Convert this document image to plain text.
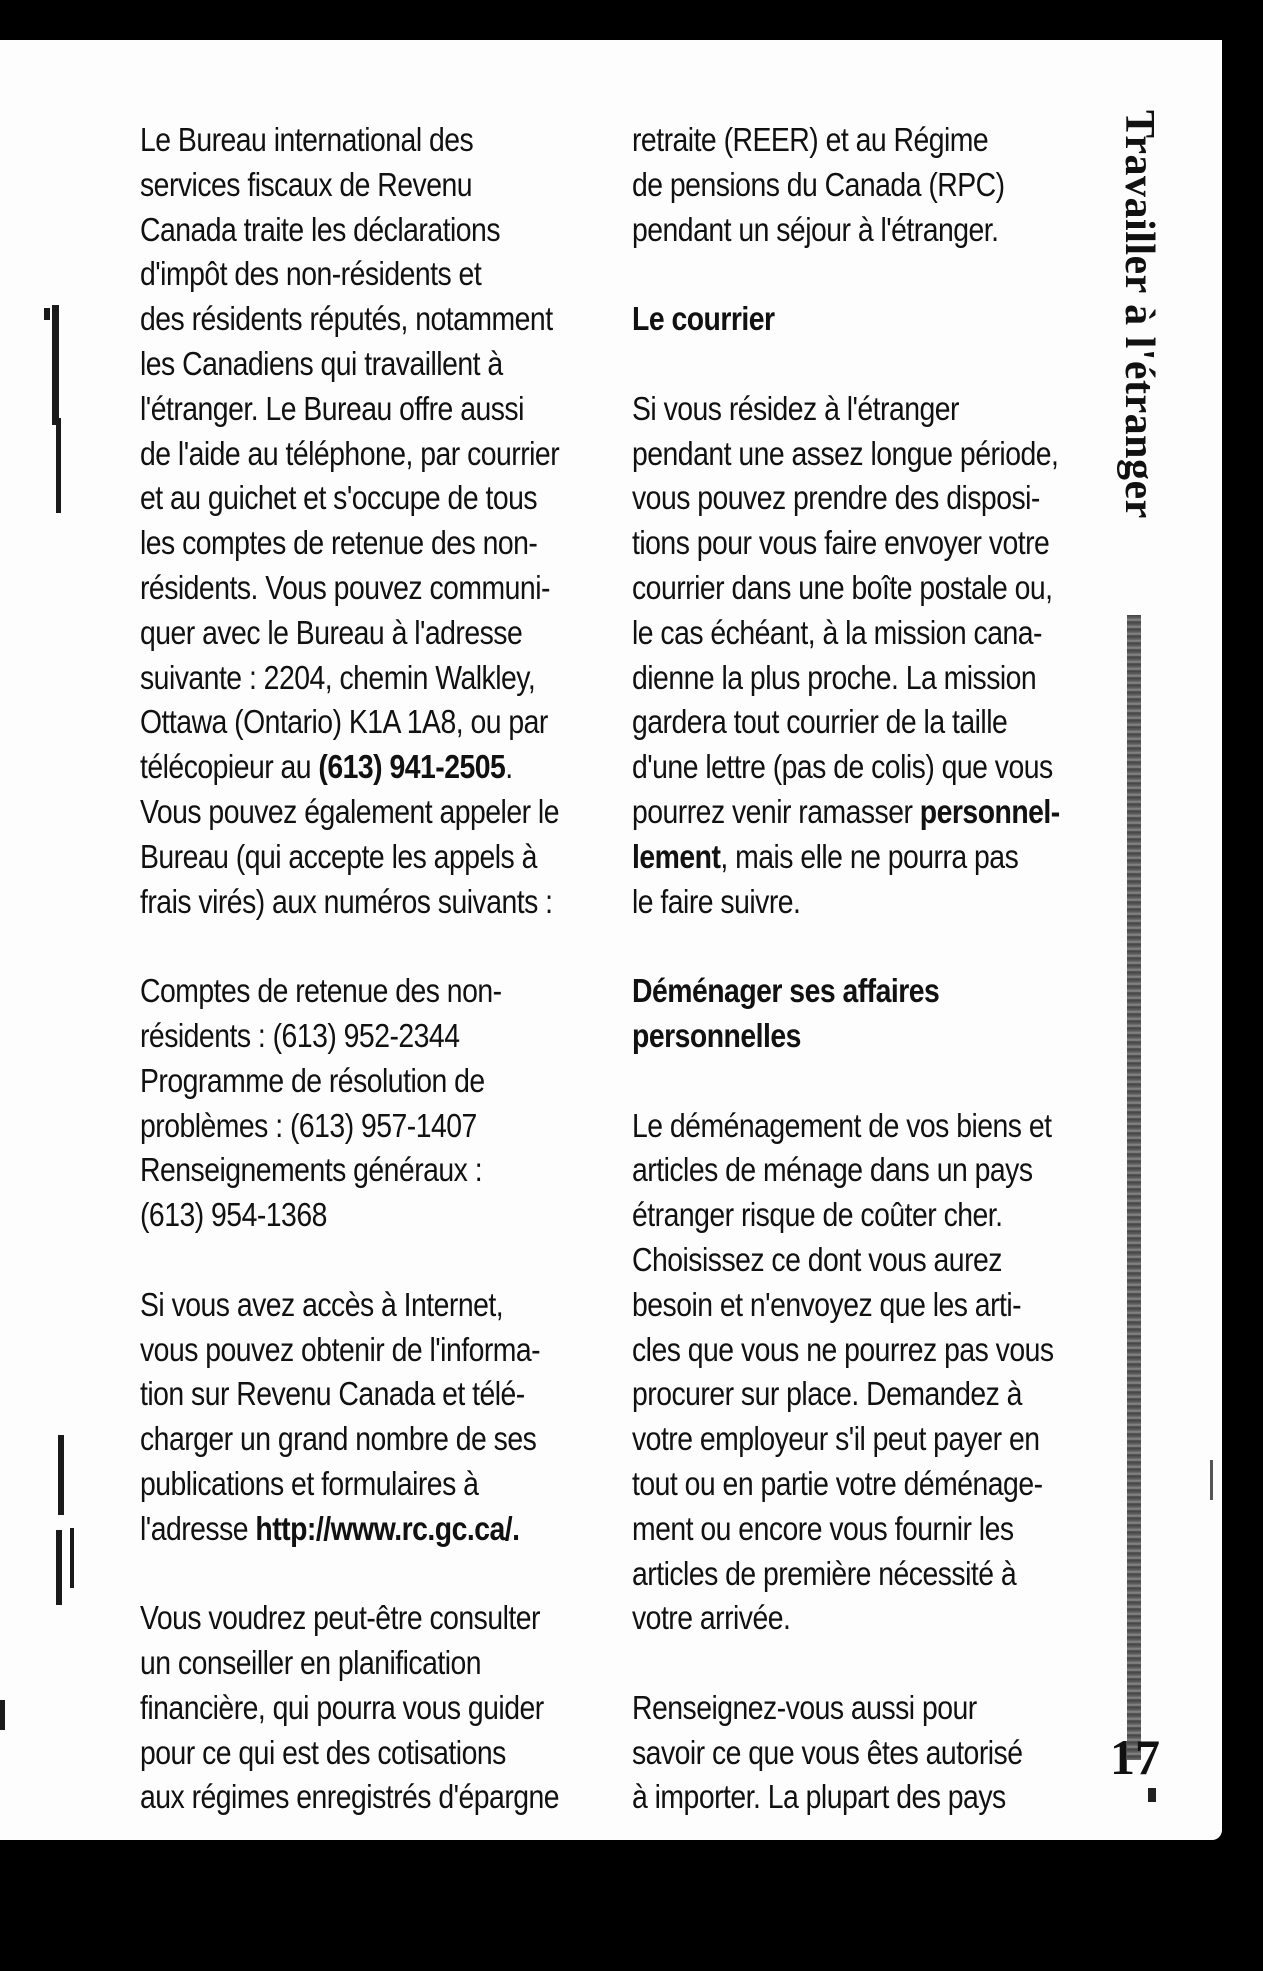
Le Bureau international des
services fiscaux de Revenu
Canada traite les déclarations
d'impôt des non-résidents et
des résidents réputés, notamment
les Canadiens qui travaillent à
l'étranger. Le Bureau offre aussi
de l'aide au téléphone, par courrier
et au guichet et s'occupe de tous
les comptes de retenue des non-
résidents. Vous pouvez communi-
quer avec le Bureau à l'adresse
suivante : 2204, chemin Walkley,
Ottawa (Ontario) K1A 1A8, ou par
télécopieur au (613) 941-2505.
Vous pouvez également appeler le
Bureau (qui accepte les appels à
frais virés) aux numéros suivants :

Comptes de retenue des non-
résidents : (613) 952-2344
Programme de résolution de
problèmes : (613) 957-1407
Renseignements généraux :
(613) 954-1368

Si vous avez accès à Internet,
vous pouvez obtenir de l'informa-
tion sur Revenu Canada et télé-
charger un grand nombre de ses
publications et formulaires à
l'adresse http://www.rc.gc.ca/.

Vous voudrez peut-être consulter
un conseiller en planification
financière, qui pourra vous guider
pour ce qui est des cotisations
aux régimes enregistrés d'épargne

retraite (REER) et au Régime
de pensions du Canada (RPC)
pendant un séjour à l'étranger.

Le courrier

Si vous résidez à l'étranger
pendant une assez longue période,
vous pouvez prendre des disposi-
tions pour vous faire envoyer votre
courrier dans une boîte postale ou,
le cas échéant, à la mission cana-
dienne la plus proche. La mission
gardera tout courrier de la taille
d'une lettre (pas de colis) que vous
pourrez venir ramasser personnel-
lement, mais elle ne pourra pas
le faire suivre.

Déménager ses affaires
personnelles

Le déménagement de vos biens et
articles de ménage dans un pays
étranger risque de coûter cher.
Choisissez ce dont vous aurez
besoin et n'envoyez que les arti-
cles que vous ne pourrez pas vous
procurer sur place. Demandez à
votre employeur s'il peut payer en
tout ou en partie votre déménage-
ment ou encore vous fournir les
articles de première nécessité à
votre arrivée.

Renseignez-vous aussi pour
savoir ce que vous êtes autorisé
à importer. La plupart des pays

Travailler à l'étranger
17
